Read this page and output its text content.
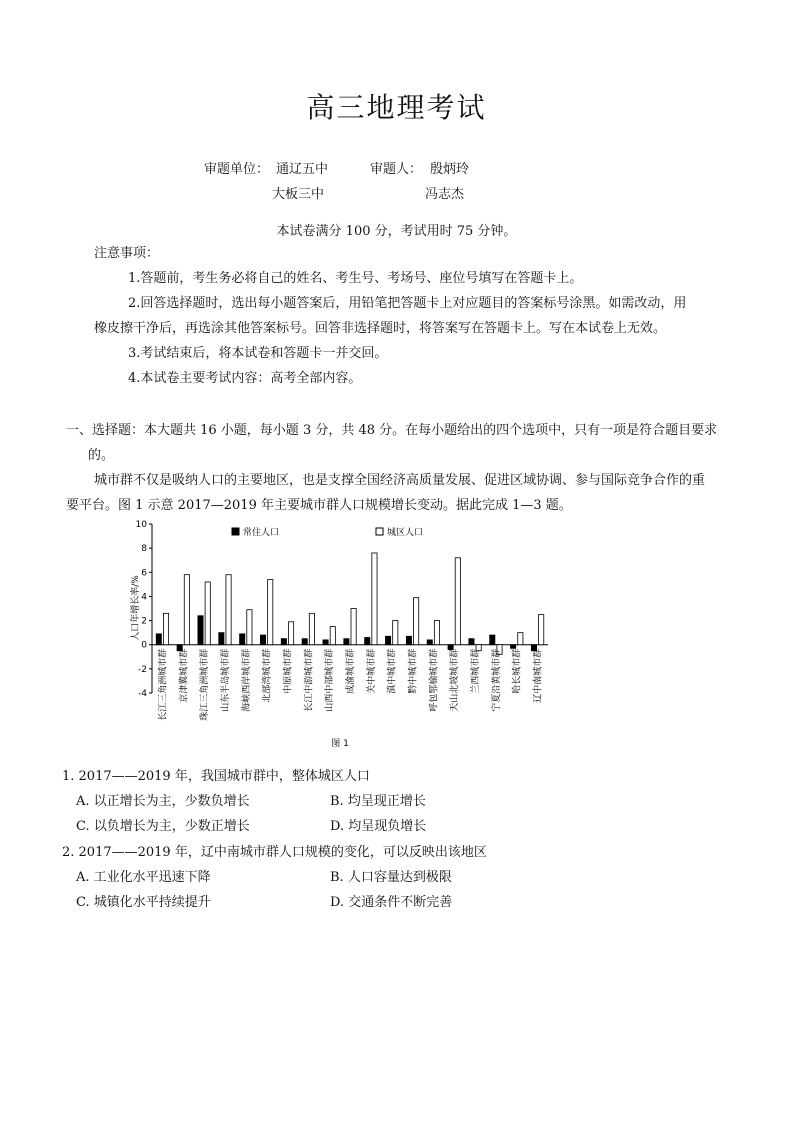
高三地理考试
审题单位： 通辽五中	审题人： 殷炳玲
大板三中	冯志杰
本试卷满分 100 分，考试用时 75 分钟。
注意事项：
1.答题前，考生务必将自己的姓名、考生号、考场号、座位号填写在答题卡上。
2.回答选择题时，选出每小题答案后，用铅笔把答题卡上对应题目的答案标号涂黑。如需改动，用
橡皮擦干净后，再选涂其他答案标号。回答非选择题时，将答案写在答题卡上。写在本试卷上无效。
3.考试结束后，将本试卷和答题卡一并交回。
4.本试卷主要考试内容：高考全部内容。
一、选择题：本大题共 16 小题，每小题 3 分，共 48 分。在每小题给出的四个选项中，只有一项是符合题目要求
的。
城市群不仅是吸纳人口的主要地区，也是支撑全国经济高质量发展、促进区域协调、参与国际竞争合作的重
要平台。图 1 示意 2017—2019 年主要城市群人口规模增长变动。据此完成 1—3 题。
-4
-2
0
2
4
6
8
10
人口年增长率/%
长江三角洲城市群 京津冀城市群 珠江三角洲城市群 山东半岛城市群 海峡西岸城市群 北部湾城市群 中原城市群 长江中游城市群 山西中部城市群 成渝城市群 关中城市群 滇中城市群 黔中城市群 呼包鄂榆城市群 天山北坡城市群 兰西城市群 宁夏沿黄城市群 哈长城市群 辽中南城市群
常住人口	城区人口
图 1
1. 2017——2019 年，我国城市群中，整体城区人口
A. 以正增长为主，少数负增长	B. 均呈现正增长
C. 以负增长为主，少数正增长	D. 均呈现负增长
2. 2017——2019 年，辽中南城市群人口规模的变化，可以反映出该地区
A. 工业化水平迅速下降	B. 人口容量达到极限
C. 城镇化水平持续提升	D. 交通条件不断完善
